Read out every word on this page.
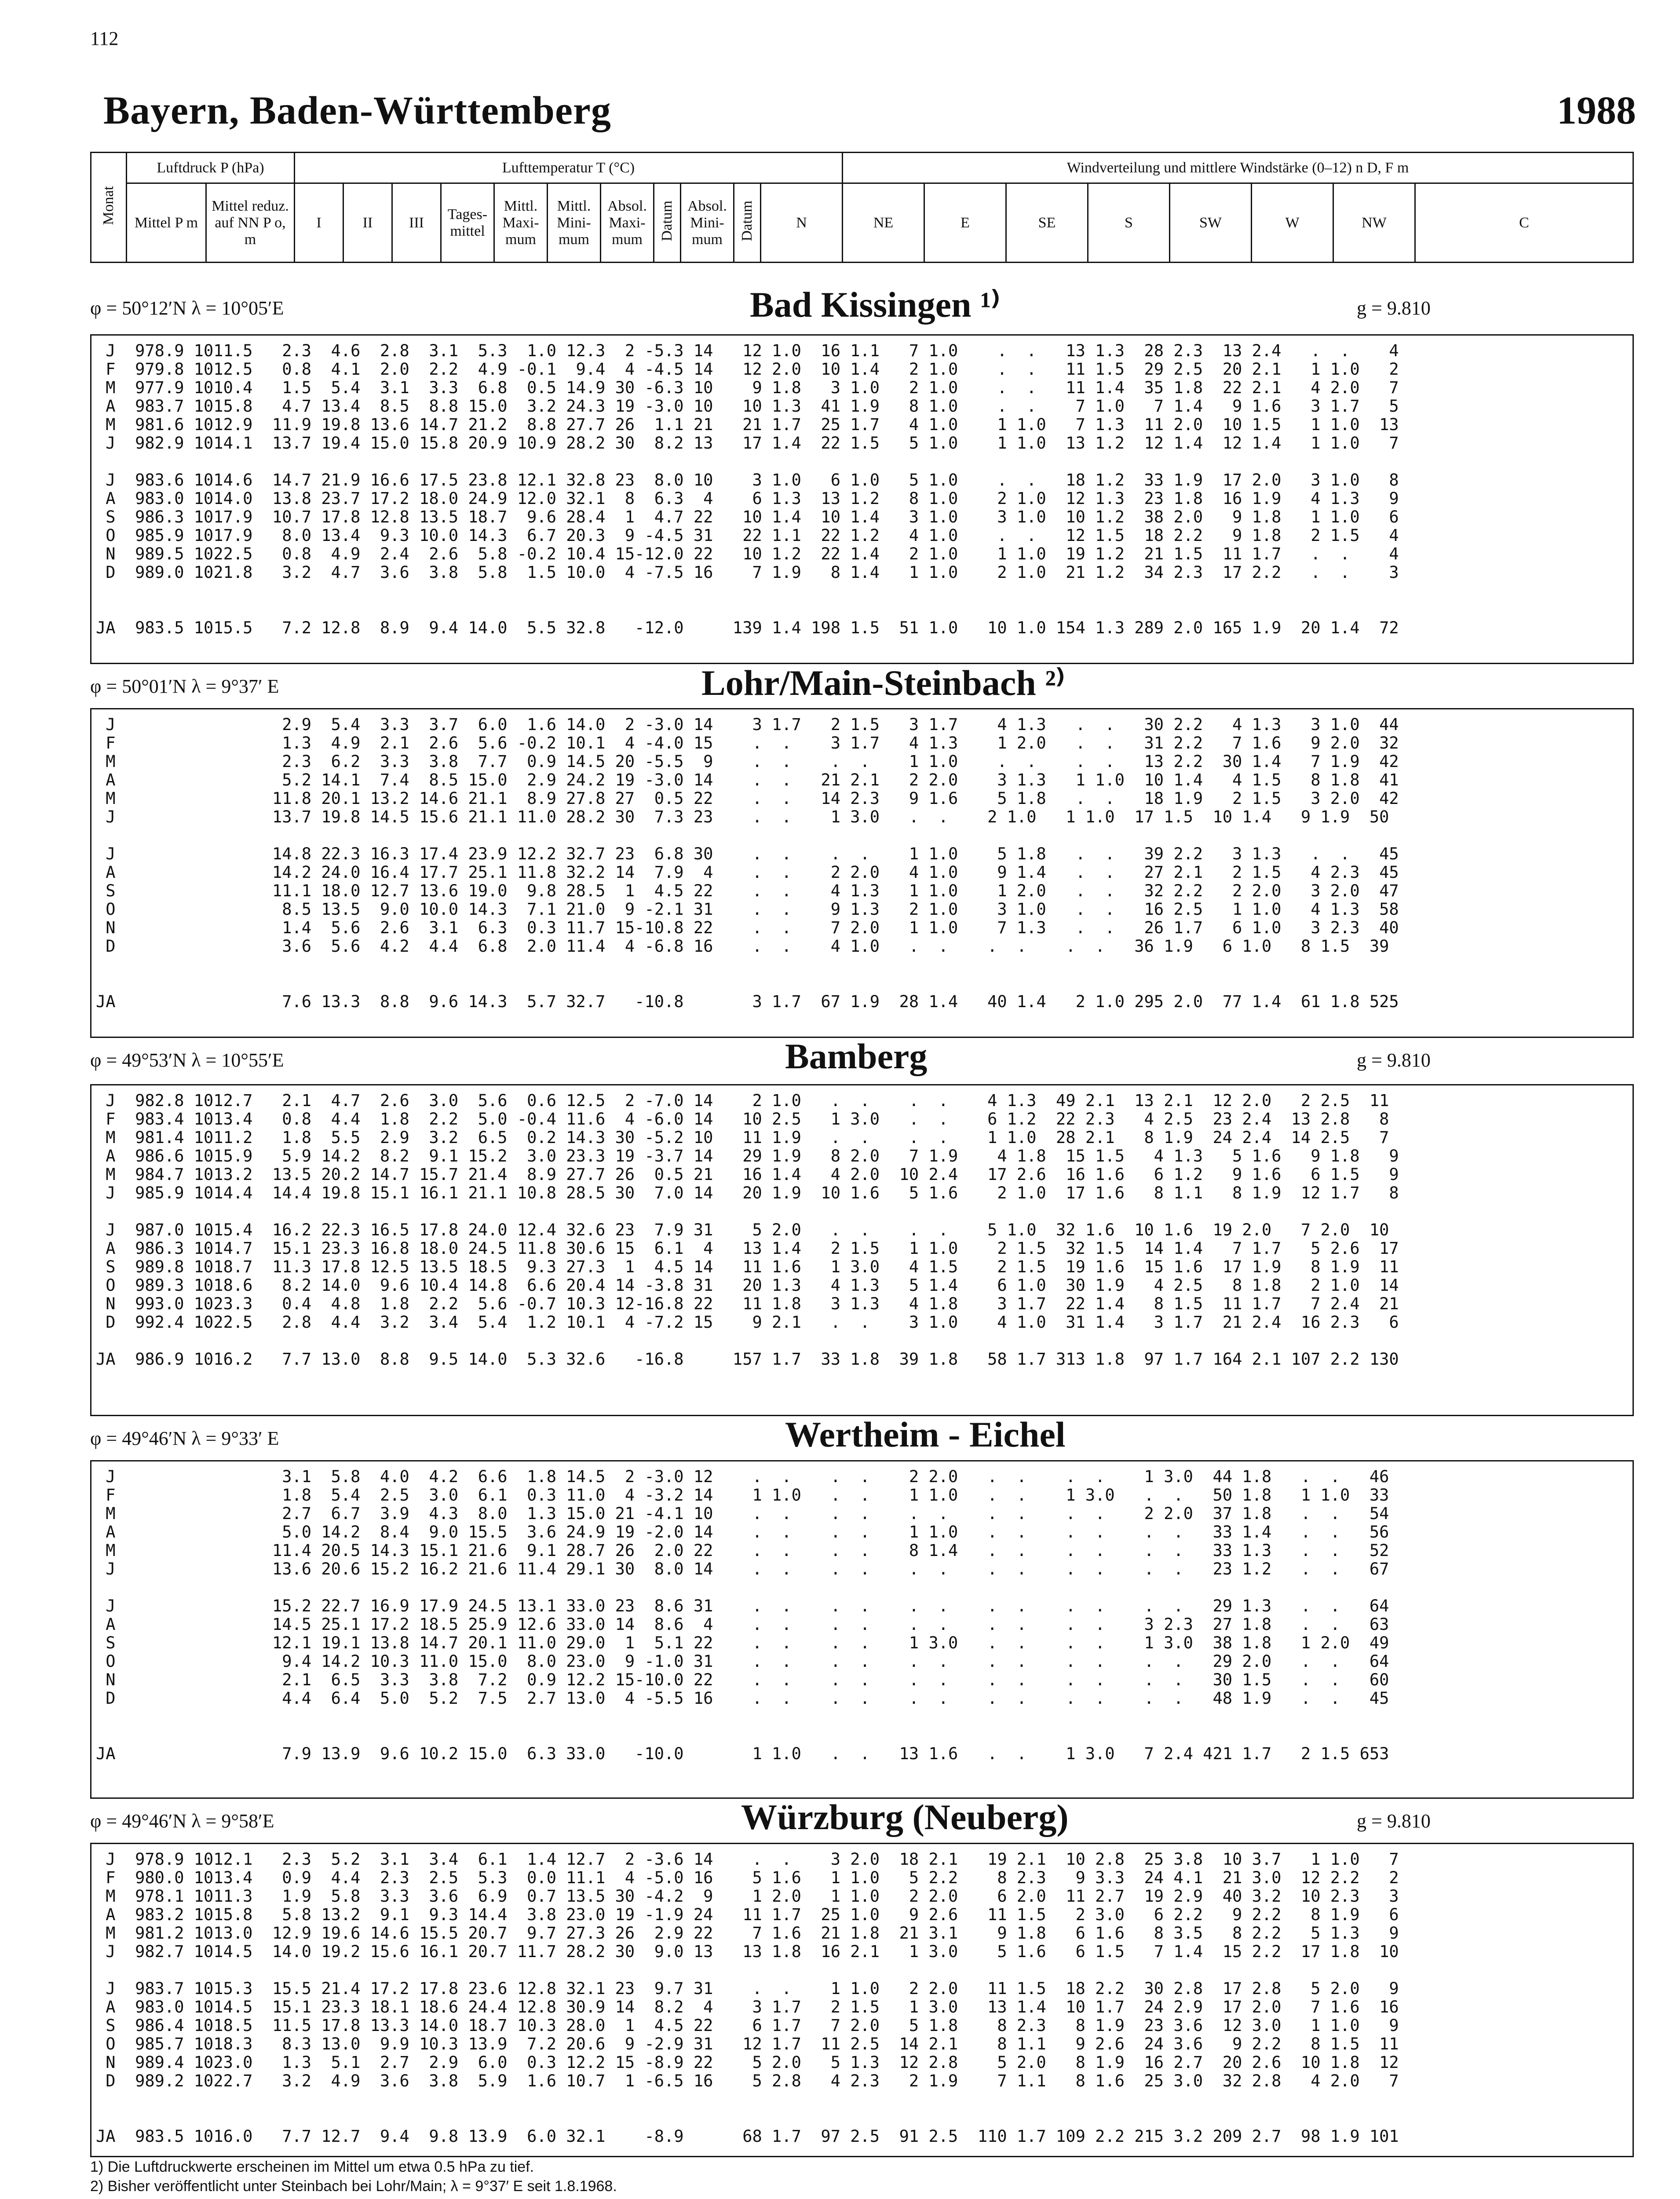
112
Bayern, Baden-Württemberg	1988
Monat	Luftdruck P (hPa)		Lufttemperatur T (°C)											Windverteilung und mittlere Windstärke (0–12) n D, F m							
	Mittel P m	Mittel reduz. auf NN P o, m	I	II	III	Tages-mittel	Mittl. Maxi-mum	Mittl. Mini-mum	Absol. Maxi-mum	Datum	Absol. Mini-mum	Datum	N	NE	E	SE	S	SW	W	NW	C
φ = 50°12′N λ = 10°05′E	Bad Kissingen ¹⁾	g = 9.810
J  978.9 1011.5   2.3  4.6  2.8  3.1  5.3  1.0 12.3  2 -5.3 14   12 1.0  16 1.1   7 1.0    .  .   13 1.3  28 2.3  13 2.4   .  .    4
F  979.8 1012.5   0.8  4.1  2.0  2.2  4.9 -0.1  9.4  4 -4.5 14   12 2.0  10 1.4   2 1.0    .  .   11 1.5  29 2.5  20 2.1   1 1.0   2
M  977.9 1010.4   1.5  5.4  3.1  3.3  6.8  0.5 14.9 30 -6.3 10    9 1.8   3 1.0   2 1.0    .  .   11 1.4  35 1.8  22 2.1   4 2.0   7
A  983.7 1015.8   4.7 13.4  8.5  8.8 15.0  3.2 24.3 19 -3.0 10   10 1.3  41 1.9   8 1.0    .  .    7 1.0   7 1.4   9 1.6   3 1.7   5
M  981.6 1012.9  11.9 19.8 13.6 14.7 21.2  8.8 27.7 26  1.1 21   21 1.7  25 1.7   4 1.0    1 1.0   7 1.3  11 2.0  10 1.5   1 1.0  13
J  982.9 1014.1  13.7 19.4 15.0 15.8 20.9 10.9 28.2 30  8.2 13   17 1.4  22 1.5   5 1.0    1 1.0  13 1.2  12 1.4  12 1.4   1 1.0   7

J  983.6 1014.6  14.7 21.9 16.6 17.5 23.8 12.1 32.8 23  8.0 10    3 1.0   6 1.0   5 1.0    .  .   18 1.2  33 1.9  17 2.0   3 1.0   8
A  983.0 1014.0  13.8 23.7 17.2 18.0 24.9 12.0 32.1  8  6.3  4    6 1.3  13 1.2   8 1.0    2 1.0  12 1.3  23 1.8  16 1.9   4 1.3   9
S  986.3 1017.9  10.7 17.8 12.8 13.5 18.7  9.6 28.4  1  4.7 22   10 1.4  10 1.4   3 1.0    3 1.0  10 1.2  38 2.0   9 1.8   1 1.0   6
O  985.9 1017.9   8.0 13.4  9.3 10.0 14.3  6.7 20.3  9 -4.5 31   22 1.1  22 1.2   4 1.0    .  .   12 1.5  18 2.2   9 1.8   2 1.5   4
N  989.5 1022.5   0.8  4.9  2.4  2.6  5.8 -0.2 10.4 15-12.0 22   10 1.2  22 1.4   2 1.0    1 1.0  19 1.2  21 1.5  11 1.7   .  .    4
D  989.0 1021.8   3.2  4.7  3.6  3.8  5.8  1.5 10.0  4 -7.5 16    7 1.9   8 1.4   1 1.0    2 1.0  21 1.2  34 2.3  17 2.2   .  .    3

JA  983.5 1015.5   7.2 12.8  8.9  9.4 14.0  5.5 32.8   -12.0     139 1.4 198 1.5  51 1.0   10 1.0 154 1.3 289 2.0 165 1.9  20 1.4  72
φ = 50°01′N λ = 9°37′ E	Lohr/Main-Steinbach ²⁾
J                 2.9  5.4  3.3  3.7  6.0  1.6 14.0  2 -3.0 14    3 1.7   2 1.5   3 1.7    4 1.3   .  .   30 2.2   4 1.3   3 1.0  44
F                 1.3  4.9  2.1  2.6  5.6 -0.2 10.1  4 -4.0 15    .  .    3 1.7   4 1.3    1 2.0   .  .   31 2.2   7 1.6   9 2.0  32
M                 2.3  6.2  3.3  3.8  7.7  0.9 14.5 20 -5.5  9    .  .    .  .    1 1.0    .  .    .  .   13 2.2  30 1.4   7 1.9  42
A                 5.2 14.1  7.4  8.5 15.0  2.9 24.2 19 -3.0 14    .  .   21 2.1   2 2.0    3 1.3   1 1.0  10 1.4   4 1.5   8 1.8  41
M                11.8 20.1 13.2 14.6 21.1  8.9 27.8 27  0.5 22    .  .   14 2.3   9 1.6    5 1.8   .  .   18 1.9   2 1.5   3 2.0  42
J                13.7 19.8 14.5 15.6 21.1 11.0 28.2 30  7.3 23    .  .    1 3.0   .  .    2 1.0   1 1.0  17 1.5  10 1.4   9 1.9  50

J                14.8 22.3 16.3 17.4 23.9 12.2 32.7 23  6.8 30    .  .    .  .    1 1.0    5 1.8   .  .   39 2.2   3 1.3   .  .   45
A                14.2 24.0 16.4 17.7 25.1 11.8 32.2 14  7.9  4    .  .    2 2.0   4 1.0    9 1.4   .  .   27 2.1   2 1.5   4 2.3  45
S                11.1 18.0 12.7 13.6 19.0  9.8 28.5  1  4.5 22    .  .    4 1.3   1 1.0    1 2.0   .  .   32 2.2   2 2.0   3 2.0  47
O                 8.5 13.5  9.0 10.0 14.3  7.1 21.0  9 -2.1 31    .  .    9 1.3   2 1.0    3 1.0   .  .   16 2.5   1 1.0   4 1.3  58
N                 1.4  5.6  2.6  3.1  6.3  0.3 11.7 15-10.8 22    .  .    7 2.0   1 1.0    7 1.3   .  .   26 1.7   6 1.0   3 2.3  40
D                 3.6  5.6  4.2  4.4  6.8  2.0 11.4  4 -6.8 16    .  .    4 1.0   .  .    .  .    .  .   36 1.9   6 1.0   8 1.5  39

JA                 7.6 13.3  8.8  9.6 14.3  5.7 32.7   -10.8       3 1.7  67 1.9  28 1.4   40 1.4   2 1.0 295 2.0  77 1.4  61 1.8 525
φ = 49°53′N λ = 10°55′E	Bamberg	g = 9.810
J  982.8 1012.7   2.1  4.7  2.6  3.0  5.6  0.6 12.5  2 -7.0 14    2 1.0   .  .    .  .    4 1.3  49 2.1  13 2.1  12 2.0   2 2.5  11
F  983.4 1013.4   0.8  4.4  1.8  2.2  5.0 -0.4 11.6  4 -6.0 14   10 2.5   1 3.0   .  .    6 1.2  22 2.3   4 2.5  23 2.4  13 2.8   8
M  981.4 1011.2   1.8  5.5  2.9  3.2  6.5  0.2 14.3 30 -5.2 10   11 1.9   .  .    .  .    1 1.0  28 2.1   8 1.9  24 2.4  14 2.5   7
A  986.6 1015.9   5.9 14.2  8.2  9.1 15.2  3.0 23.3 19 -3.7 14   29 1.9   8 2.0   7 1.9    4 1.8  15 1.5   4 1.3   5 1.6   9 1.8   9
M  984.7 1013.2  13.5 20.2 14.7 15.7 21.4  8.9 27.7 26  0.5 21   16 1.4   4 2.0  10 2.4   17 2.6  16 1.6   6 1.2   9 1.6   6 1.5   9
J  985.9 1014.4  14.4 19.8 15.1 16.1 21.1 10.8 28.5 30  7.0 14   20 1.9  10 1.6   5 1.6    2 1.0  17 1.6   8 1.1   8 1.9  12 1.7   8

J  987.0 1015.4  16.2 22.3 16.5 17.8 24.0 12.4 32.6 23  7.9 31    5 2.0   .  .    .  .    5 1.0  32 1.6  10 1.6  19 2.0   7 2.0  10
A  986.3 1014.7  15.1 23.3 16.8 18.0 24.5 11.8 30.6 15  6.1  4   13 1.4   2 1.5   1 1.0    2 1.5  32 1.5  14 1.4   7 1.7   5 2.6  17
S  989.8 1018.7  11.3 17.8 12.5 13.5 18.5  9.3 27.3  1  4.5 14   11 1.6   1 3.0   4 1.5    2 1.5  19 1.6  15 1.6  17 1.9   8 1.9  11
O  989.3 1018.6   8.2 14.0  9.6 10.4 14.8  6.6 20.4 14 -3.8 31   20 1.3   4 1.3   5 1.4    6 1.0  30 1.9   4 2.5   8 1.8   2 1.0  14
N  993.0 1023.3   0.4  4.8  1.8  2.2  5.6 -0.7 10.3 12-16.8 22   11 1.8   3 1.3   4 1.8    3 1.7  22 1.4   8 1.5  11 1.7   7 2.4  21
D  992.4 1022.5   2.8  4.4  3.2  3.4  5.4  1.2 10.1  4 -7.2 15    9 2.1   .  .    3 1.0    4 1.0  31 1.4   3 1.7  21 2.4  16 2.3   6

JA  986.9 1016.2   7.7 13.0  8.8  9.5 14.0  5.3 32.6   -16.8     157 1.7  33 1.8  39 1.8   58 1.7 313 1.8  97 1.7 164 2.1 107 2.2 130
φ = 49°46′N λ = 9°33′ E	Wertheim - Eichel
J                 3.1  5.8  4.0  4.2  6.6  1.8 14.5  2 -3.0 12    .  .    .  .    2 2.0   .  .    .  .    1 3.0  44 1.8   .  .   46
F                 1.8  5.4  2.5  3.0  6.1  0.3 11.0  4 -3.2 14    1 1.0   .  .    1 1.0   .  .    1 3.0   .  .   50 1.8   1 1.0  33
M                 2.7  6.7  3.9  4.3  8.0  1.3 15.0 21 -4.1 10    .  .    .  .    .  .    .  .    .  .    2 2.0  37 1.8   .  .   54
A                 5.0 14.2  8.4  9.0 15.5  3.6 24.9 19 -2.0 14    .  .    .  .    1 1.0   .  .    .  .    .  .   33 1.4   .  .   56
M                11.4 20.5 14.3 15.1 21.6  9.1 28.7 26  2.0 22    .  .    .  .    8 1.4   .  .    .  .    .  .   33 1.3   .  .   52
J                13.6 20.6 15.2 16.2 21.6 11.4 29.1 30  8.0 14    .  .    .  .    .  .    .  .    .  .    .  .   23 1.2   .  .   67

J                15.2 22.7 16.9 17.9 24.5 13.1 33.0 23  8.6 31    .  .    .  .    .  .    .  .    .  .    .  .   29 1.3   .  .   64
A                14.5 25.1 17.2 18.5 25.9 12.6 33.0 14  8.6  4    .  .    .  .    .  .    .  .    .  .    3 2.3  27 1.8   .  .   63
S                12.1 19.1 13.8 14.7 20.1 11.0 29.0  1  5.1 22    .  .    .  .    1 3.0   .  .    .  .    1 3.0  38 1.8   1 2.0  49
O                 9.4 14.2 10.3 11.0 15.0  8.0 23.0  9 -1.0 31    .  .    .  .    .  .    .  .    .  .    .  .   29 2.0   .  .   64
N                 2.1  6.5  3.3  3.8  7.2  0.9 12.2 15-10.0 22    .  .    .  .    .  .    .  .    .  .    .  .   30 1.5   .  .   60
D                 4.4  6.4  5.0  5.2  7.5  2.7 13.0  4 -5.5 16    .  .    .  .    .  .    .  .    .  .    .  .   48 1.9   .  .   45

JA                 7.9 13.9  9.6 10.2 15.0  6.3 33.0   -10.0       1 1.0   .  .   13 1.6   .  .    1 3.0   7 2.4 421 1.7   2 1.5 653
φ = 49°46′N λ = 9°58′E	Würzburg (Neuberg)	g = 9.810
J  978.9 1012.1   2.3  5.2  3.1  3.4  6.1  1.4 12.7  2 -3.6 14    .  .    3 2.0  18 2.1   19 2.1  10 2.8  25 3.8  10 3.7   1 1.0   7
F  980.0 1013.4   0.9  4.4  2.3  2.5  5.3  0.0 11.1  4 -5.0 16    5 1.6   1 1.0   5 2.2    8 2.3   9 3.3  24 4.1  21 3.0  12 2.2   2
M  978.1 1011.3   1.9  5.8  3.3  3.6  6.9  0.7 13.5 30 -4.2  9    1 2.0   1 1.0   2 2.0    6 2.0  11 2.7  19 2.9  40 3.2  10 2.3   3
A  983.2 1015.8   5.8 13.2  9.1  9.3 14.4  3.8 23.0 19 -1.9 24   11 1.7  25 1.0   9 2.6   11 1.5   2 3.0   6 2.2   9 2.2   8 1.9   6
M  981.2 1013.0  12.9 19.6 14.6 15.5 20.7  9.7 27.3 26  2.9 22    7 1.6  21 1.8  21 3.1    9 1.8   6 1.6   8 3.5   8 2.2   5 1.3   9
J  982.7 1014.5  14.0 19.2 15.6 16.1 20.7 11.7 28.2 30  9.0 13   13 1.8  16 2.1   1 3.0    5 1.6   6 1.5   7 1.4  15 2.2  17 1.8  10

J  983.7 1015.3  15.5 21.4 17.2 17.8 23.6 12.8 32.1 23  9.7 31    .  .    1 1.0   2 2.0   11 1.5  18 2.2  30 2.8  17 2.8   5 2.0   9
A  983.0 1014.5  15.1 23.3 18.1 18.6 24.4 12.8 30.9 14  8.2  4    3 1.7   2 1.5   1 3.0   13 1.4  10 1.7  24 2.9  17 2.0   7 1.6  16
S  986.4 1018.5  11.5 17.8 13.3 14.0 18.7 10.3 28.0  1  4.5 22    6 1.7   7 2.0   5 1.8    8 2.3   8 1.9  23 3.6  12 3.0   1 1.0   9
O  985.7 1018.3   8.3 13.0  9.9 10.3 13.9  7.2 20.6  9 -2.9 31   12 1.7  11 2.5  14 2.1    8 1.1   9 2.6  24 3.6   9 2.2   8 1.5  11
N  989.4 1023.0   1.3  5.1  2.7  2.9  6.0  0.3 12.2 15 -8.9 22    5 2.0   5 1.3  12 2.8    5 2.0   8 1.9  16 2.7  20 2.6  10 1.8  12
D  989.2 1022.7   3.2  4.9  3.6  3.8  5.9  1.6 10.7  1 -6.5 16    5 2.8   4 2.3   2 1.9    7 1.1   8 1.6  25 3.0  32 2.8   4 2.0   7

JA  983.5 1016.0   7.7 12.7  9.4  9.8 13.9  6.0 32.1    -8.9      68 1.7  97 2.5  91 2.5  110 1.7 109 2.2 215 3.2 209 2.7  98 1.9 101
1) Die Luftdruckwerte erscheinen im Mittel um etwa 0.5 hPa zu tief.
2) Bisher veröffentlicht unter Steinbach bei Lohr/Main; λ = 9°37′ E seit 1.8.1968.
